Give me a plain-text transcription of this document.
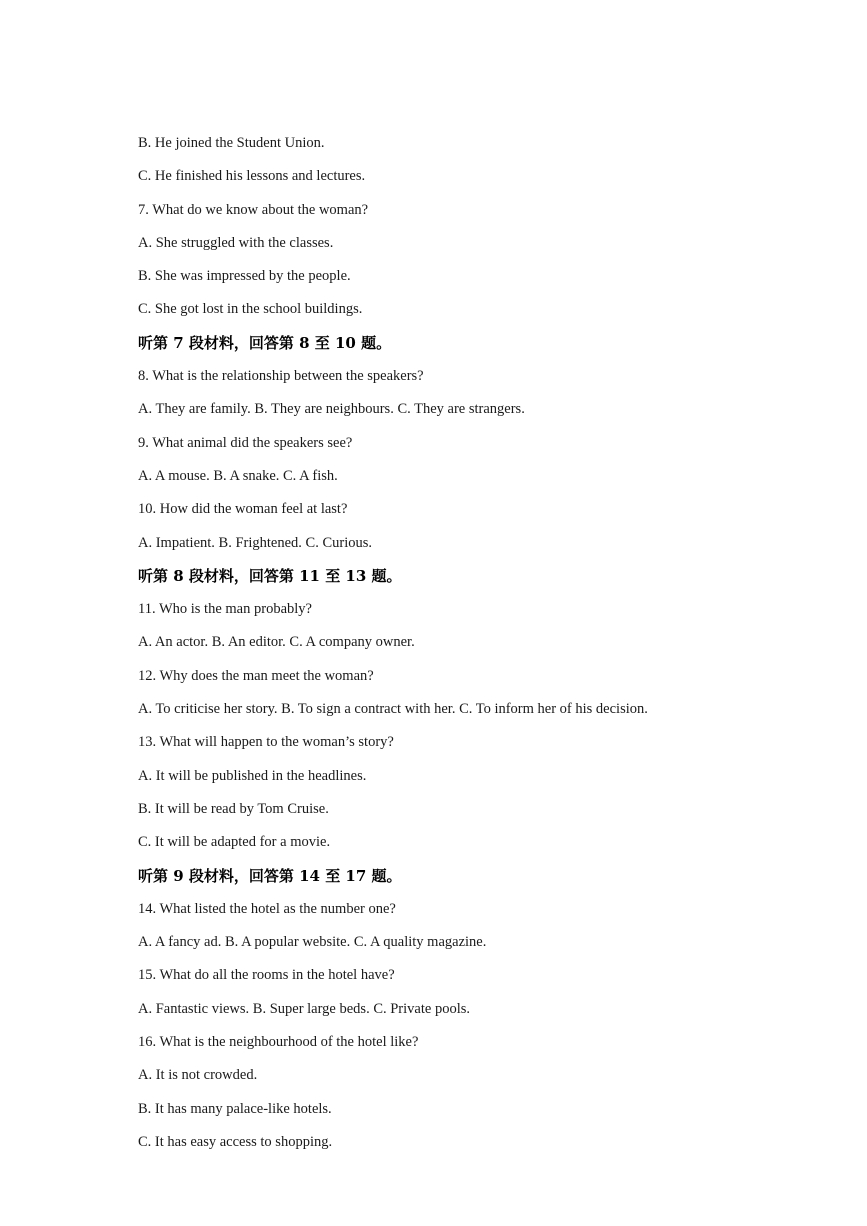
B. He joined the Student Union.
C. He finished his lessons and lectures.
7. What do we know about the woman?
A. She struggled with the classes.
B. She was impressed by the people.
C. She got lost in the school buildings.
听第 7 段材料，回答第 8 至 10 题。
8. What is the relationship between the speakers?
A. They are family. B. They are neighbours. C. They are strangers.
9. What animal did the speakers see?
A. A mouse. B. A snake. C. A fish.
10. How did the woman feel at last?
A. Impatient. B. Frightened. C. Curious.
听第 8 段材料，回答第 11 至 13 题。
11. Who is the man probably?
A. An actor. B. An editor. C. A company owner.
12. Why does the man meet the woman?
A. To criticise her story. B. To sign a contract with her. C. To inform her of his decision.
13. What will happen to the woman’s story?
A. It will be published in the headlines.
B. It will be read by Tom Cruise.
C. It will be adapted for a movie.
听第 9 段材料，回答第 14 至 17 题。
14. What listed the hotel as the number one?
A. A fancy ad. B. A popular website. C. A quality magazine.
15. What do all the rooms in the hotel have?
A. Fantastic views. B. Super large beds. C. Private pools.
16. What is the neighbourhood of the hotel like?
A. It is not crowded.
B. It has many palace-like hotels.
C. It has easy access to shopping.
